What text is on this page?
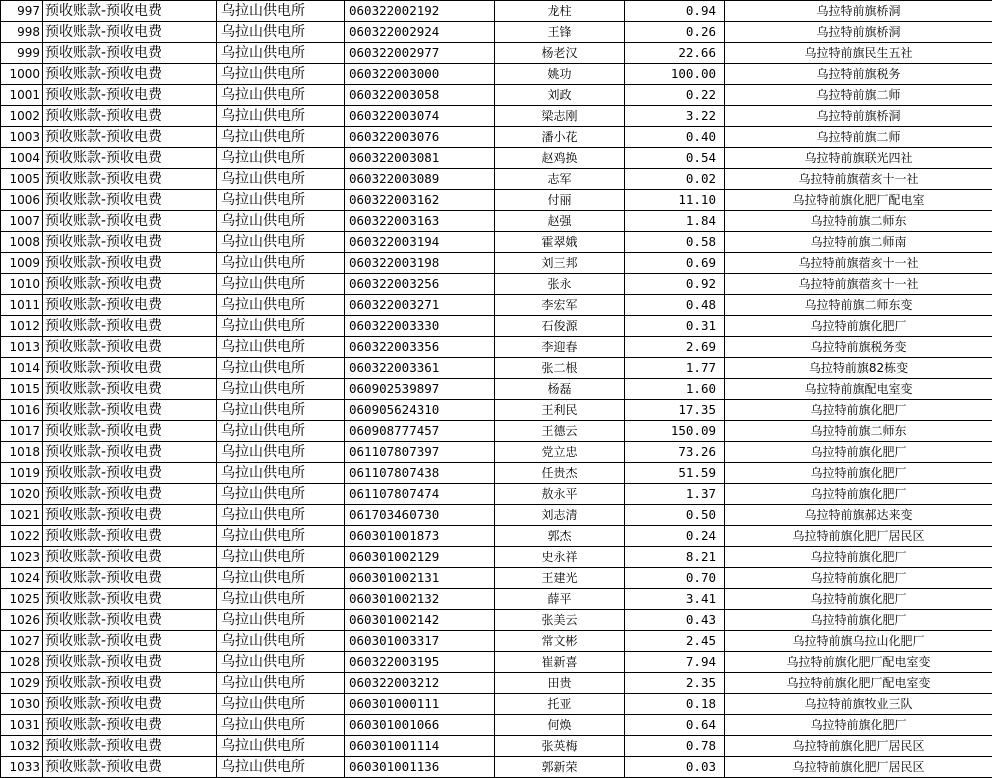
997	预收账款-预收电费	乌拉山供电所	060322002192	龙柱	0.94	乌拉特前旗桥洞
998	预收账款-预收电费	乌拉山供电所	060322002924	王锋	0.26	乌拉特前旗桥洞
999	预收账款-预收电费	乌拉山供电所	060322002977	杨老汉	22.66	乌拉特前旗民生五社
1000	预收账款-预收电费	乌拉山供电所	060322003000	姚功	100.00	乌拉特前旗税务
1001	预收账款-预收电费	乌拉山供电所	060322003058	刘政	0.22	乌拉特前旗二师
1002	预收账款-预收电费	乌拉山供电所	060322003074	梁志刚	3.22	乌拉特前旗桥洞
1003	预收账款-预收电费	乌拉山供电所	060322003076	潘小花	0.40	乌拉特前旗二师
1004	预收账款-预收电费	乌拉山供电所	060322003081	赵鸡换	0.54	乌拉特前旗联光四社
1005	预收账款-预收电费	乌拉山供电所	060322003089	志军	0.02	乌拉特前旗蓿亥十一社
1006	预收账款-预收电费	乌拉山供电所	060322003162	付丽	11.10	乌拉特前旗化肥厂配电室
1007	预收账款-预收电费	乌拉山供电所	060322003163	赵强	1.84	乌拉特前旗二师东
1008	预收账款-预收电费	乌拉山供电所	060322003194	霍翠娥	0.58	乌拉特前旗二师南
1009	预收账款-预收电费	乌拉山供电所	060322003198	刘三邦	0.69	乌拉特前旗蓿亥十一社
1010	预收账款-预收电费	乌拉山供电所	060322003256	张永	0.92	乌拉特前旗蓿亥十一社
1011	预收账款-预收电费	乌拉山供电所	060322003271	李宏军	0.48	乌拉特前旗二师东变
1012	预收账款-预收电费	乌拉山供电所	060322003330	石俊源	0.31	乌拉特前旗化肥厂
1013	预收账款-预收电费	乌拉山供电所	060322003356	李迎春	2.69	乌拉特前旗税务变
1014	预收账款-预收电费	乌拉山供电所	060322003361	张二根	1.77	乌拉特前旗82栋变
1015	预收账款-预收电费	乌拉山供电所	060902539897	杨磊	1.60	乌拉特前旗配电室变
1016	预收账款-预收电费	乌拉山供电所	060905624310	王利民	17.35	乌拉特前旗化肥厂
1017	预收账款-预收电费	乌拉山供电所	060908777457	王德云	150.09	乌拉特前旗二师东
1018	预收账款-预收电费	乌拉山供电所	061107807397	党立忠	73.26	乌拉特前旗化肥厂
1019	预收账款-预收电费	乌拉山供电所	061107807438	任贵杰	51.59	乌拉特前旗化肥厂
1020	预收账款-预收电费	乌拉山供电所	061107807474	敖永平	1.37	乌拉特前旗化肥厂
1021	预收账款-预收电费	乌拉山供电所	061703460730	刘志清	0.50	乌拉特前旗郝达来变
1022	预收账款-预收电费	乌拉山供电所	060301001873	郭杰	0.24	乌拉特前旗化肥厂居民区
1023	预收账款-预收电费	乌拉山供电所	060301002129	史永祥	8.21	乌拉特前旗化肥厂
1024	预收账款-预收电费	乌拉山供电所	060301002131	王建光	0.70	乌拉特前旗化肥厂
1025	预收账款-预收电费	乌拉山供电所	060301002132	薛平	3.41	乌拉特前旗化肥厂
1026	预收账款-预收电费	乌拉山供电所	060301002142	张美云	0.43	乌拉特前旗化肥厂
1027	预收账款-预收电费	乌拉山供电所	060301003317	常文彬	2.45	乌拉特前旗乌拉山化肥厂
1028	预收账款-预收电费	乌拉山供电所	060322003195	崔新喜	7.94	乌拉特前旗化肥厂配电室变
1029	预收账款-预收电费	乌拉山供电所	060322003212	田贵	2.35	乌拉特前旗化肥厂配电室变
1030	预收账款-预收电费	乌拉山供电所	060301000111	托亚	0.18	乌拉特前旗牧业三队
1031	预收账款-预收电费	乌拉山供电所	060301001066	何焕	0.64	乌拉特前旗化肥厂
1032	预收账款-预收电费	乌拉山供电所	060301001114	张英梅	0.78	乌拉特前旗化肥厂居民区
1033	预收账款-预收电费	乌拉山供电所	060301001136	郭新荣	0.03	乌拉特前旗化肥厂居民区
